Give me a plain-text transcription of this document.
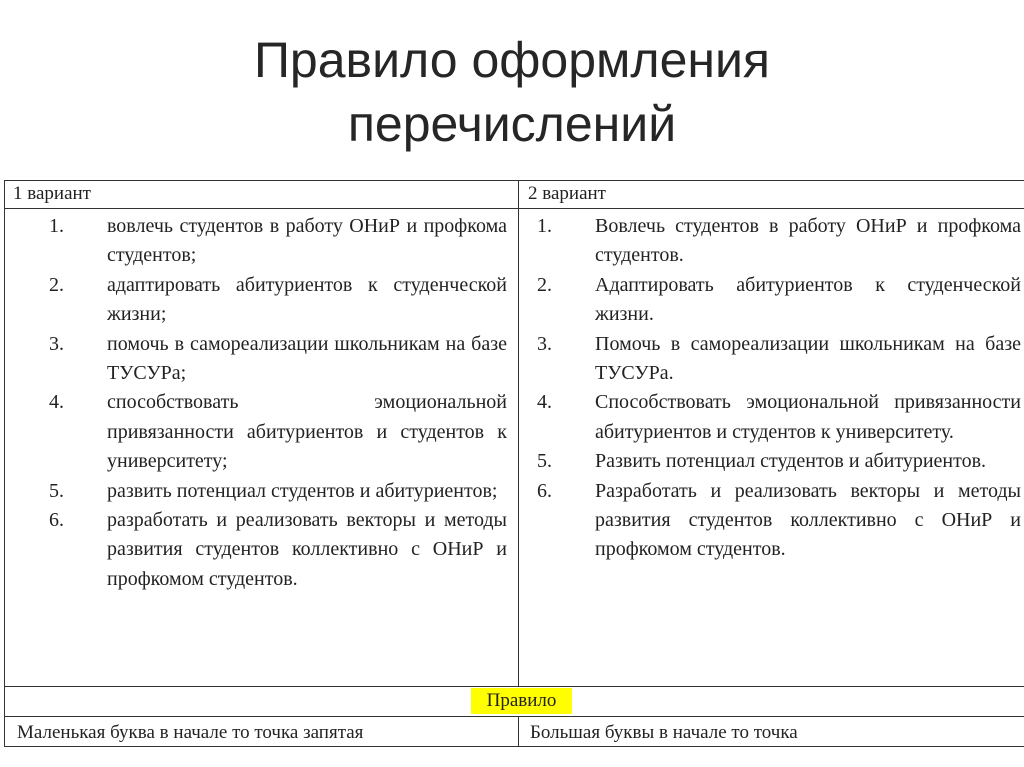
Правило оформления
перечислений
1 вариант	2 вариант
1. вовлечь студентов в работу ОНиР и профкома студентов;
2. адаптировать абитуриентов к студенческой жизни;
3. помочь в самореализации школьникам на базе ТУСУРа;
4. способствовать эмоциональной привязанности абитуриентов и студентов к университету;
5. развить потенциал студентов и абитуриентов;
6. разработать и реализовать векторы и методы развития студентов коллективно с ОНиР и профкомом студентов.
1. Вовлечь студентов в работу ОНиР и профкома студентов.
2. Адаптировать абитуриентов к студенческой жизни.
3. Помочь в самореализации школьникам на базе ТУСУРа.
4. Способствовать эмоциональной привязанности абитуриентов и студентов к университету.
5. Развить потенциал студентов и абитуриентов.
6. Разработать и реализовать векторы и методы развития студентов коллективно с ОНиР и профкомом студентов.
Правило
Маленькая буква в начале то точка запятая	Большая буквы в начале то точка
